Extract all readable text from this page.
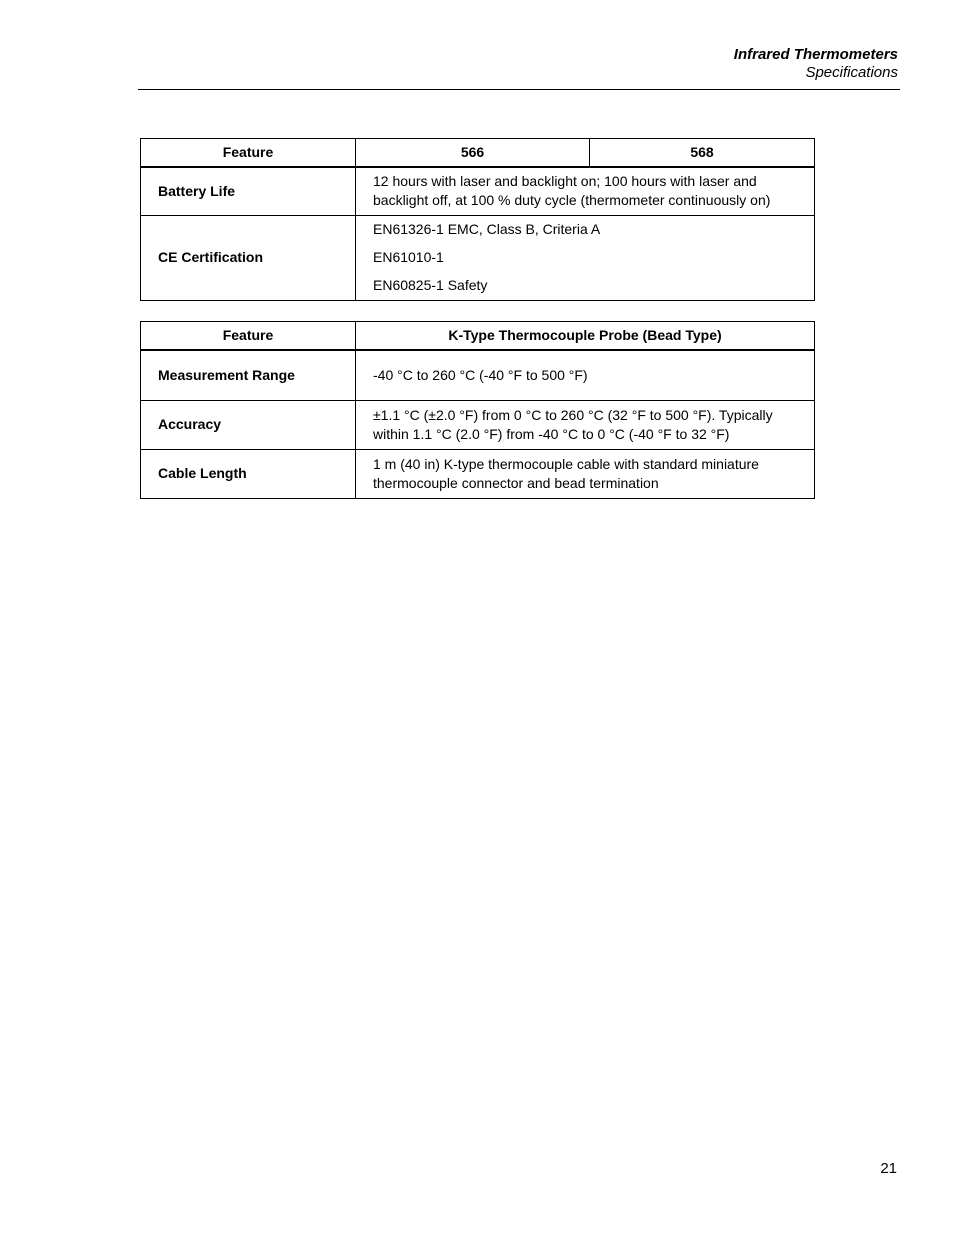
Infrared Thermometers
Specifications
Feature	566	568
Battery Life	12 hours with laser and backlight on; 100 hours with laser and backlight off, at 100 % duty cycle (thermometer continuously on)	
CE Certification	EN61326-1 EMC, Class B, Criteria A
EN61010-1
EN60825-1 Safety	
Feature	K-Type Thermocouple Probe (Bead Type)
Measurement Range	-40 °C to 260 °C (-40 °F to 500 °F)
Accuracy	±1.1 °C (±2.0 °F) from 0 °C to 260 °C (32 °F to 500 °F). Typically within 1.1 °C (2.0 °F) from -40 °C to 0 °C (-40 °F to 32 °F)
Cable Length	1 m (40 in) K-type thermocouple cable with standard miniature thermocouple connector and bead termination
21
